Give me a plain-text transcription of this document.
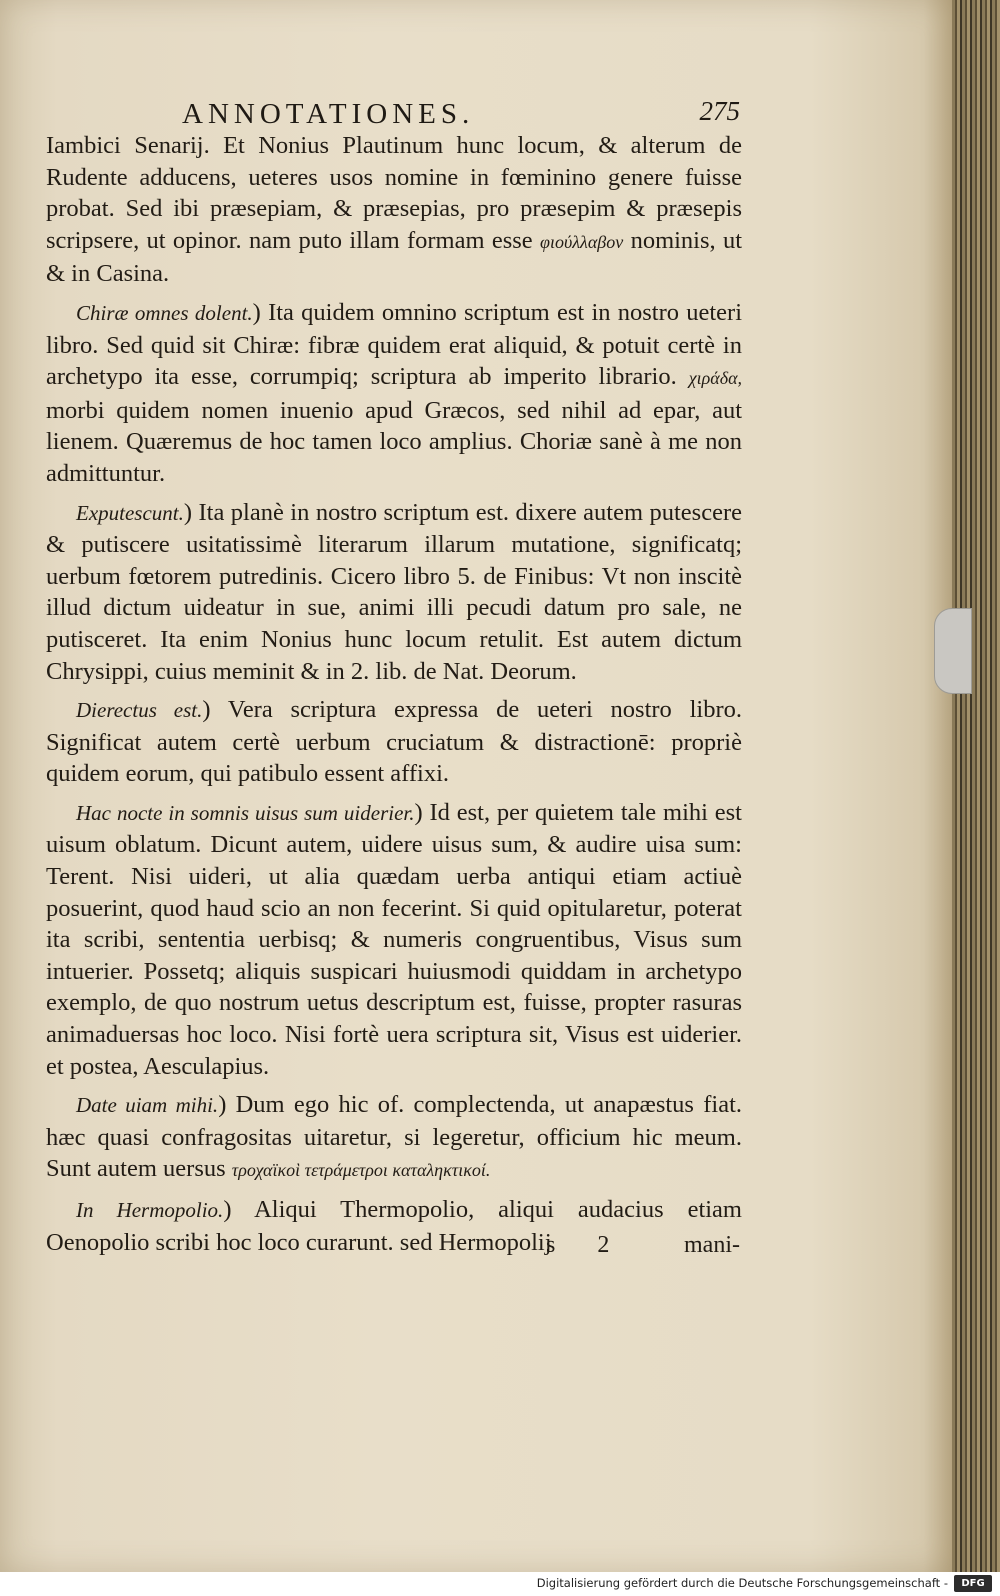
ANNOTATIONES.	275

Iambici Senarij. Et Nonius Plautinum hunc locum, & alterum de Rudente adducens, ueteres usos nomine in fœminino genere fuisse probat. Sed ibi præsepiam, & præsepias, pro præsepim & præsepis scripsere, ut opinor. nam puto illam formam esse φιούλλαβον nominis, ut & in Casina.

Chiræ omnes dolent.) Ita quidem omnino scriptum est in nostro ueteri libro. Sed quid sit Chiræ: fibræ quidem erat aliquid, & potuit certè in archetypo ita esse, corrumpiq; scriptura ab imperito librario. χιράδα, morbi quidem nomen inuenio apud Græcos, sed nihil ad epar, aut lienem. Quæremus de hoc tamen loco amplius. Choriæ sanè à me non admittuntur.

Exputescunt.) Ita planè in nostro scriptum est. dixere autem putescere & putiscere usitatissimè literarum illarum mutatione, significatq; uerbum fœtorem putredinis. Cicero libro 5. de Finibus: Vt non inscitè illud dictum uideatur in sue, animi illi pecudi datum pro sale, ne putisceret. Ita enim Nonius hunc locum retulit. Est autem dictum Chrysippi, cuius meminit & in 2. lib. de Nat. Deorum.

Dierectus est.) Vera scriptura expressa de ueteri nostro libro. Significat autem certè uerbum cruciatum & distractionē: propriè quidem eorum, qui patibulo essent affixi.

Hac nocte in somnis uisus sum uiderier.) Id est, per quietem tale mihi est uisum oblatum. Dicunt autem, uidere uisus sum, & audire uisa sum: Terent. Nisi uideri, ut alia quædam uerba antiqui etiam actiuè posuerint, quod haud scio an non fecerint. Si quid opitularetur, poterat ita scribi, sententia uerbisq; & numeris congruentibus, Visus sum intuerier. Possetq; aliquis suspicari huiusmodi quiddam in archetypo exemplo, de quo nostrum uetus descriptum est, fuisse, propter rasuras animaduersas hoc loco. Nisi fortè uera scriptura sit, Visus est uiderier. et postea, Aesculapius.

Date uiam mihi.) Dum ego hic of. complectenda, ut anapæstus fiat. hæc quasi confragositas uitaretur, si legeretur, officium hic meum. Sunt autem uersus τροχαϊκοὶ τετράμετροι καταληκτικοί.

In Hermopolio.) Aliqui Thermopolio, aliqui audacius etiam Oenopolio scribi hoc loco curarunt. sed Hermopolij

s 2 mani-
Digitalisierung gefördert durch die Deutsche Forschungsgemeinschaft -	DFG
